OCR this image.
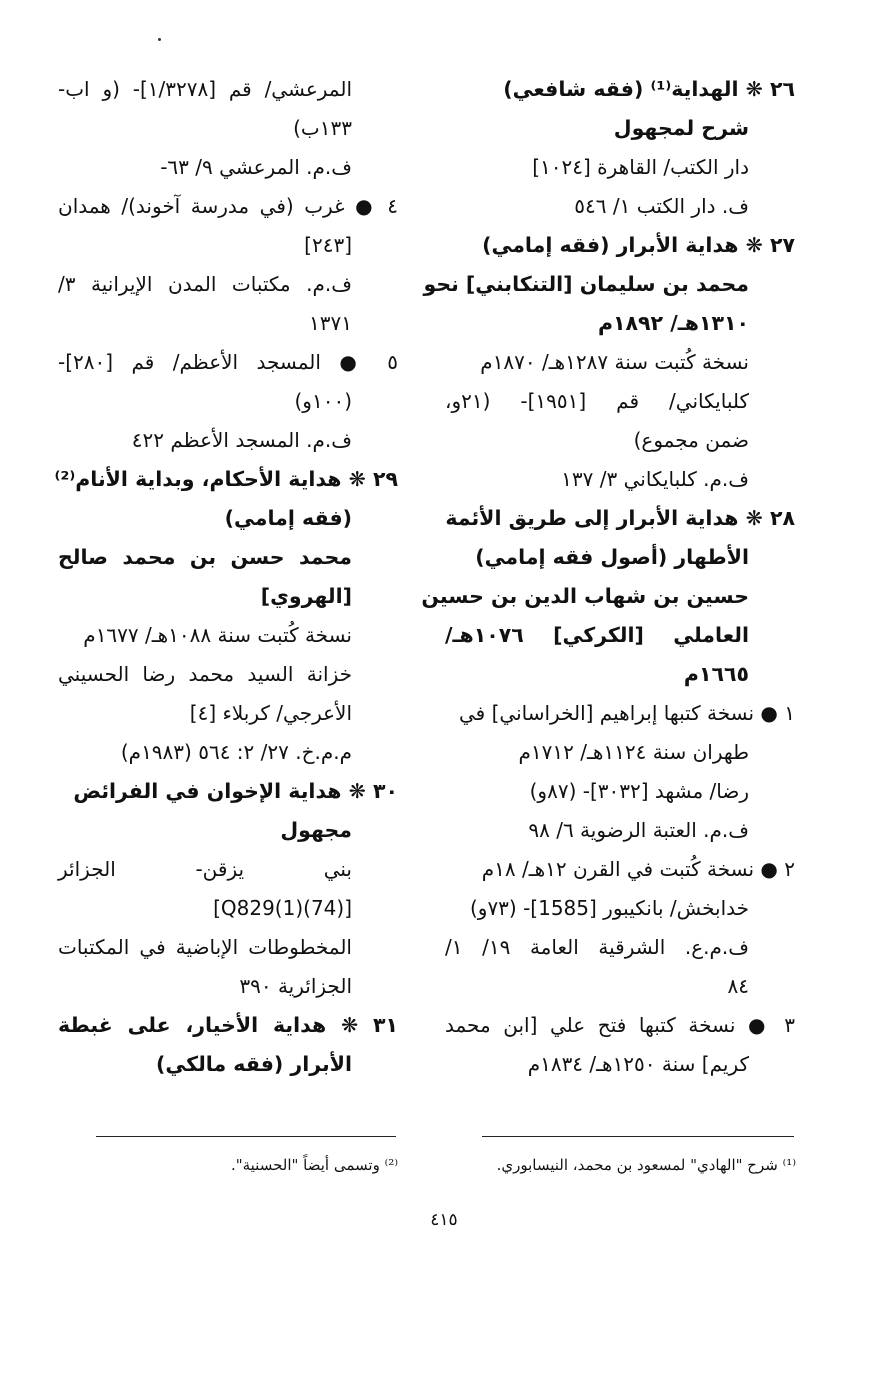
٢٦ ❋ الهداية⁽¹⁾ (فقه شافعي)
شرح لمجهول
دار الكتب/ القاهرة [١٠٢٤]
ف. دار الكتب ١/ ٥٤٦
٢٧ ❋ هداية الأبرار (فقه إمامي)
محمد بن سليمان [التنكابني] نحو
١٣١٠هـ/ ١٨٩٢م
نسخة كُتبت سنة ١٢٨٧هـ/ ١٨٧٠م
كلبايكاني/ قم [١٩٥١]- (٢١و،
ضمن مجموع)
ف.م. كلبايكاني ٣/ ١٣٧
٢٨ ❋ هداية الأبرار إلى طريق الأئمة
الأطهار (أصول فقه إمامي)
حسين بن شهاب الدين بن حسين
العاملي [الكركي] ١٠٧٦هـ/
١٦٦٥م
١ ● نسخة كتبها إبراهيم [الخراساني] في
طهران سنة ١١٢٤هـ/ ١٧١٢م
رضا/ مشهد [٣٠٣٢]- (٨٧و)
ف.م. العتبة الرضوية ٦/ ٩٨
٢ ● نسخة كُتبت في القرن ١٢هـ/ ١٨م
خدابخش/ بانكيبور [1585]- (٧٣و)
ف.م.ع. الشرقية العامة ١٩/ ١/
٨٤
٣ ● نسخة كتبها فتح علي [ابن محمد
كريم] سنة ١٢٥٠هـ/ ١٨٣٤م
المرعشي/ قم [١/٣٢٧٨]- (و اب-
١٣٣ب)
ف.م. المرعشي ٩/ ٦٣-
٤ ● غرب (في مدرسة آخوند)/ همدان
[٢٤٣]
ف.م. مكتبات المدن الإيرانية ٣/
١٣٧١
٥ ● المسجد الأعظم/ قم [٢٨٠]-
(١٠٠و)
ف.م. المسجد الأعظم ٤٢٢
٢٩ ❋ هداية الأحكام، وبداية الأنام⁽²⁾
(فقه إمامي)
محمد حسن بن محمد صالح
[الهروي]
نسخة كُتبت سنة ١٠٨٨هـ/ ١٦٧٧م
خزانة السيد محمد رضا الحسيني
الأعرجي/ كربلاء [٤]
م.م.خ. ٢٧/ ٢: ٥٦٤ (١٩٨٣م)
٣٠ ❋ هداية الإخوان في الفرائض
مجهول
بني يزقن- الجزائر
[(74)Q829(1)]
المخطوطات الإباضية في المكتبات
الجزائرية ٣٩٠
٣١ ❋ هداية الأخيار، على غبطة
الأبرار (فقه مالكي)
⁽¹⁾ شرح "الهادي" لمسعود بن محمد، النيسابوري.
⁽²⁾ وتسمى أيضاً "الحسنية".
٤١٥
